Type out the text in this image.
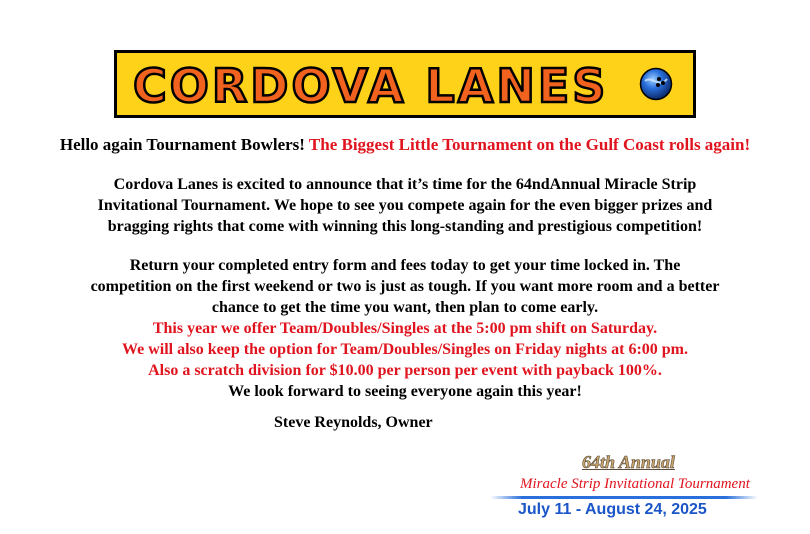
CORDOVA LANES

Hello again Tournament Bowlers! The Biggest Little Tournament on the Gulf Coast rolls again!

Cordova Lanes is excited to announce that it’s time for the 64ndAnnual Miracle Strip
Invitational Tournament. We hope to see you compete again for the even bigger prizes and
bragging rights that come with winning this long-standing and prestigious competition!
Return your completed entry form and fees today to get your time locked in. The
competition on the first weekend or two is just as tough. If you want more room and a better
chance to get the time you want, then plan to come early.
This year we offer Team/Doubles/Singles at the 5:00 pm shift on Saturday.
We will also keep the option for Team/Doubles/Singles on Friday nights at 6:00 pm.
Also a scratch division for $10.00 per person per event with payback 100%.
We look forward to seeing everyone again this year!
Steve Reynolds, Owner
64th Annual
Miracle Strip Invitational Tournament
July 11 - August 24, 2025
